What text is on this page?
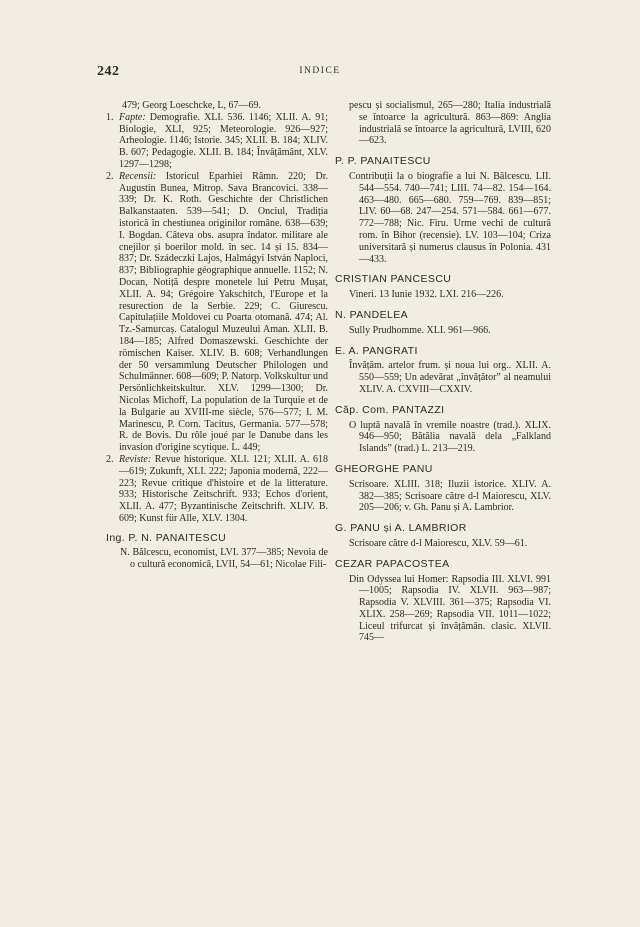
242	INDICE
479; Georg Loeschcke, L, 67—69.
1. Fapte: Demografie. XLI. 536. 1146; XLII. A. 91; Biologie, XLI, 925; Meteorologie. 926—927; Arheologie. 1146; Istorie. 345; XLII. B. 184; XLIV. B. 607; Pedagogie. XLII. B. 184; Învățământ, XLV. 1297—1298;
2. Recensii: Istoricul Eparhiei Râmn. 220; Dr. Augustin Bunea, Mitrop. Sava Brancovici. 338—339; Dr. K. Roth. Geschichte der Christlichen Balkanstaaten. 539—541; D. Onciul, Tradiția istorică în chestiunea originilor române. 638—639; I. Bogdan. Câteva obs. asupra îndator. militare ale cnejilor și boerilor mold. în sec. 14 și 15. 834—837; Dr. Szádeczki Lajos, Halmágyi István Naploci, 837; Bibliographie géographique annuelle. 1152; N. Docan, Notiță despre monetele lui Petru Mușat, XLII. A. 94; Grégoire Yakschitch, l'Europe et la resurection de la Serbie. 229; C. Giurescu. Capitulațiile Moldovei cu Poarta otomană. 474; Al. Tz.-Samurcaș. Catalogul Muzeului Aman. XLII. B. 184—185; Alfred Domaszewski. Geschichte der römischen Kaiser. XLIV. B. 608; Verhandlungen der 50 versammlung Deutscher Philologen und Schulmänner. 608—609; P. Natorp. Volkskultur und Persönlichkeitskultur. XLV. 1299—1300; Dr. Nicolas Michoff, La population de la Turquie et de la Bulgarie au XVIII-me siècle, 576—577; I. M. Marinescu, P. Corn. Tacitus, Germania. 577—578; R. de Bovis. Du rôle joué par le Danube dans les invasion d'origine scytique. L. 449;
2. Reviste: Revue historique. XLI. 121; XLII. A. 618—619; Zukunft, XLI. 222; Japonia modernă, 222—223; Revue critique d'histoire et de la litterature. 933; Historische Zeitschrift. 933; Echos d'orient, XLII. A. 477; Byzantinische Zeitschrift. XLIV. B. 609; Kunst für Alle, XLV. 1304.
Ing. P. N. PANAITESCU
N. Bălcescu, economist, LVI. 377—385; Nevoia de o cultură economică, LVII, 54—61; Nicolae Fili-
pescu și socialismul, 265—280; Italia industrială se întoarce la agricultură. 863—869: Anglia industrială se întoarce la agricultură, LVIII, 620—623.
P. P. PANAITESCU
Contribuții la o biografie a lui N. Bălcescu. LII. 544—554. 740—741; LIII. 74—82. 154—164. 463—480. 665—680. 759—769. 839—851; LIV. 60—68. 247—254. 571—584. 661—677. 772—788; Nic. Firu. Urme vechi de cultură rom. în Bihor (recensie). LV. 103—104; Criza universitară și numerus clausus în Polonia. 431—433.
CRISTIAN PANCESCU
Vineri. 13 Iunie 1932. LXI. 216—226.
N. PANDELEA
Sully Prudhomme. XLI. 961—966.
E. A. PANGRATI
Învățăm. artelor frum. și noua lui org.. XLII. A. 550—559; Un adevărat „învățător” al neamului XLIV. A. CXVIII—CXXIV.
Căp. Com. PANTAZZI
O luptă navală în vremile noastre (trad.). XLIX. 946—950; Bătălia navală dela „Falkland Islands” (trad.) L. 213—219.
GHEORGHE PANU
Scrisoare. XLIII. 318; Iluzii istorice. XLIV. A. 382—385; Scrisoare către d-l Maiorescu, XLV. 205—206; v. Gh. Panu și A. Lambrior.
G. PANU și A. LAMBRIOR
Scrisoare către d-l Maiorescu, XLV. 59—61.
CEZAR PAPACOSTEA
Din Odyssea lui Homer: Rapsodia III. XLVI. 991—1005; Rapsodia IV. XLVII. 963—987; Rapsodia V. XLVIII. 361—375; Rapsodia VI. XLIX. 258—269; Rapsodia VII. 1011—1022; Liceul trifurcat și învățămân. clasic. XLVII. 745—
